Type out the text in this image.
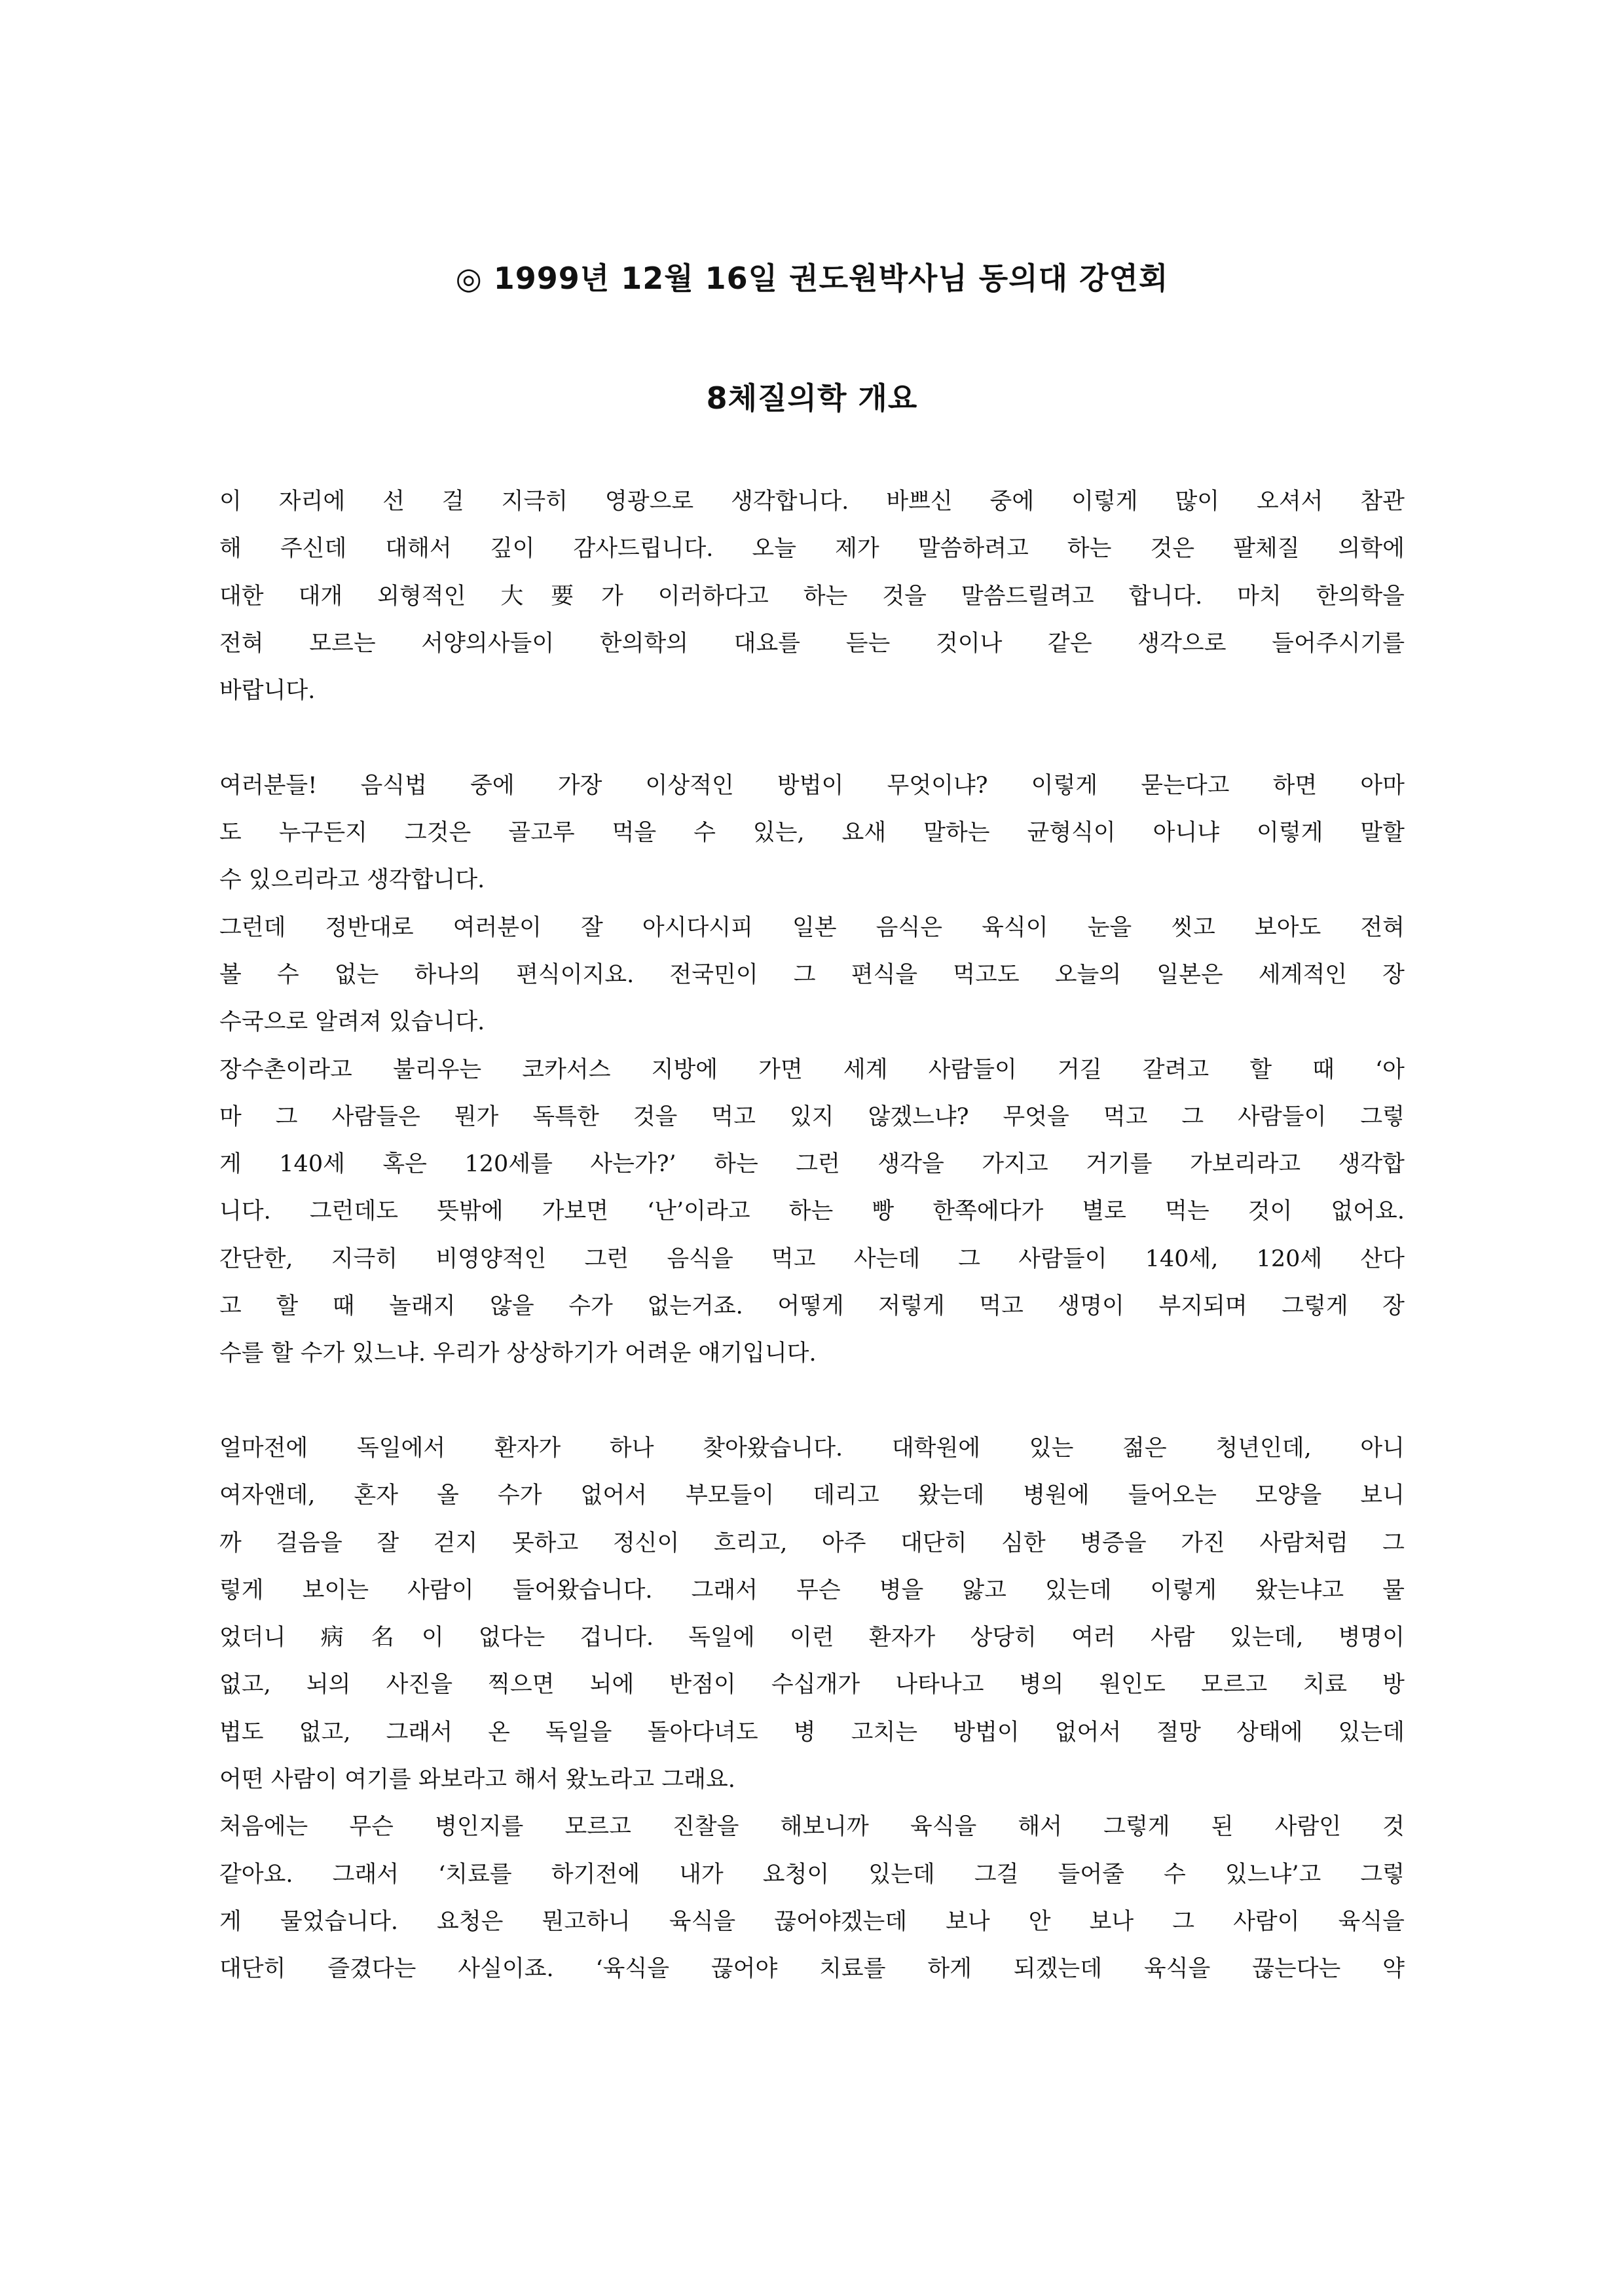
◎ 1999년 12월 16일 권도원박사님 동의대 강연회
8체질의학 개요
이 자리에 선 걸 지극히 영광으로 생각합니다. 바쁘신 중에 이렇게 많이 오셔서 참관
해 주신데 대해서 깊이 감사드립니다. 오늘 제가 말씀하려고 하는 것은 팔체질 의학에
대한 대개 외형적인 大要가 이러하다고 하는 것을 말씀드릴려고 합니다. 마치 한의학을
전혀 모르는 서양의사들이 한의학의 대요를 듣는 것이나 같은 생각으로 들어주시기를
바랍니다.
여러분들! 음식법 중에 가장 이상적인 방법이 무엇이냐? 이렇게 묻는다고 하면 아마
도 누구든지 그것은 골고루 먹을 수 있는, 요새 말하는 균형식이 아니냐 이렇게 말할
수 있으리라고 생각합니다.
그런데 정반대로 여러분이 잘 아시다시피 일본 음식은 육식이 눈을 씻고 보아도 전혀
볼 수 없는 하나의 편식이지요. 전국민이 그 편식을 먹고도 오늘의 일본은 세계적인 장
수국으로 알려져 있습니다.
장수촌이라고 불리우는 코카서스 지방에 가면 세계 사람들이 거길 갈려고 할 때 ‘아
마 그 사람들은 뭔가 독특한 것을 먹고 있지 않겠느냐? 무엇을 먹고 그 사람들이 그렇
게 140세 혹은 120세를 사는가?’ 하는 그런 생각을 가지고 거기를 가보리라고 생각합
니다. 그런데도 뜻밖에 가보면 ‘난’이라고 하는 빵 한쪽에다가 별로 먹는 것이 없어요.
간단한, 지극히 비영양적인 그런 음식을 먹고 사는데 그 사람들이 140세, 120세 산다
고 할 때 놀래지 않을 수가 없는거죠. 어떻게 저렇게 먹고 생명이 부지되며 그렇게 장
수를 할 수가 있느냐. 우리가 상상하기가 어려운 얘기입니다.
얼마전에 독일에서 환자가 하나 찾아왔습니다. 대학원에 있는 젊은 청년인데, 아니
여자앤데, 혼자 올 수가 없어서 부모들이 데리고 왔는데 병원에 들어오는 모양을 보니
까 걸음을 잘 걷지 못하고 정신이 흐리고, 아주 대단히 심한 병증을 가진 사람처럼 그
렇게 보이는 사람이 들어왔습니다. 그래서 무슨 병을 앓고 있는데 이렇게 왔는냐고 물
었더니 病名이 없다는 겁니다. 독일에 이런 환자가 상당히 여러 사람 있는데, 병명이
없고, 뇌의 사진을 찍으면 뇌에 반점이 수십개가 나타나고 병의 원인도 모르고 치료 방
법도 없고, 그래서 온 독일을 돌아다녀도 병 고치는 방법이 없어서 절망 상태에 있는데
어떤 사람이 여기를 와보라고 해서 왔노라고 그래요.
처음에는 무슨 병인지를 모르고 진찰을 해보니까 육식을 해서 그렇게 된 사람인 것
같아요. 그래서 ‘치료를 하기전에 내가 요청이 있는데 그걸 들어줄 수 있느냐’고 그렇
게 물었습니다. 요청은 뭔고하니 육식을 끊어야겠는데 보나 안 보나 그 사람이 육식을
대단히 즐겼다는 사실이죠. ‘육식을 끊어야 치료를 하게 되겠는데 육식을 끊는다는 약
